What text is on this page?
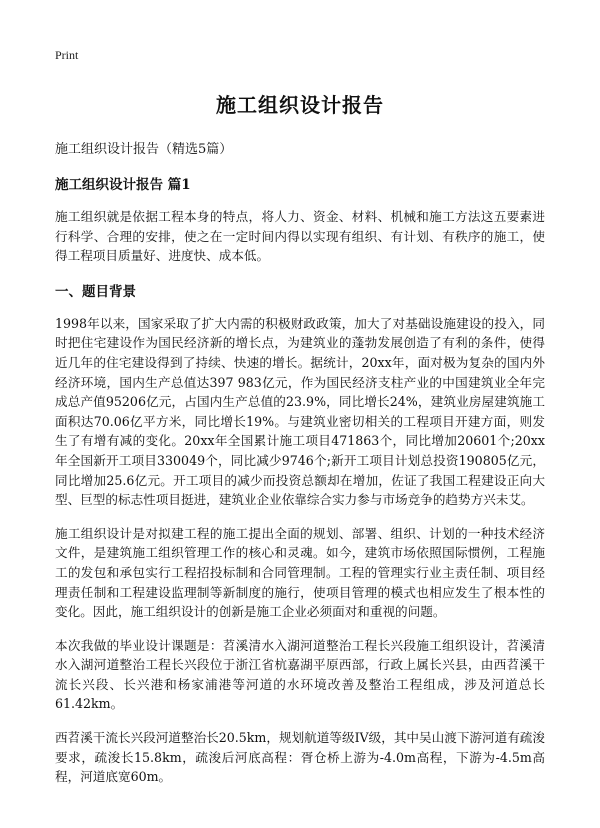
Print
施工组织设计报告
施工组织设计报告（精选5篇）
施工组织设计报告 篇1

施工组织就是依据工程本身的特点，将人力、资金、材料、机械和施工方法这五要素进行科学、合理的安排，使之在一定时间内得以实现有组织、有计划、有秩序的施工，使得工程项目质量好、进度快、成本低。

一、题目背景

1998年以来，国家采取了扩大内需的积极财政政策，加大了对基础设施建设的投入，同时把住宅建设作为国民经济新的增长点，为建筑业的蓬勃发展创造了有利的条件，使得近几年的住宅建设得到了持续、快速的增长。据统计，20xx年，面对极为复杂的国内外经济环境，国内生产总值达397 983亿元，作为国民经济支柱产业的中国建筑业全年完成总产值95206亿元，占国内生产总值的23.9%，同比增长24%，建筑业房屋建筑施工面积达70.06亿平方米，同比增长19%。与建筑业密切相关的工程项目开建方面，则发生了有增有减的变化。20xx年全国累计施工项目471863个，同比增加20601个;20xx年全国新开工项目330049个，同比减少9746个;新开工项目计划总投资190805亿元，同比增加25.6亿元。开工项目的减少而投资总额却在增加，佐证了我国工程建设正向大型、巨型的标志性项目挺进，建筑业企业依靠综合实力参与市场竞争的趋势方兴未艾。

施工组织设计是对拟建工程的施工提出全面的规划、部署、组织、计划的一种技术经济文件，是建筑施工组织管理工作的核心和灵魂。如今，建筑市场依照国际惯例，工程施工的发包和承包实行工程招投标制和合同管理制。工程的管理实行业主责任制、项目经理责任制和工程建设监理制等新制度的施行，使项目管理的模式也相应发生了根本性的变化。因此，施工组织设计的创新是施工企业必须面对和重视的问题。

本次我做的毕业设计课题是：苕溪清水入湖河道整治工程长兴段施工组织设计，苕溪清水入湖河道整治工程长兴段位于浙江省杭嘉湖平原西部，行政上属长兴县，由西苕溪干流长兴段、长兴港和杨家浦港等河道的水环境改善及整治工程组成，涉及河道总长61.42km。

西苕溪干流长兴段河道整治长20.5km，规划航道等级IV级，其中吴山渡下游河道有疏浚要求，疏浚长15.8km，疏浚后河底高程：胥仓桥上游为-4.0m高程，下游为-4.5m高程，河道底宽60m。
